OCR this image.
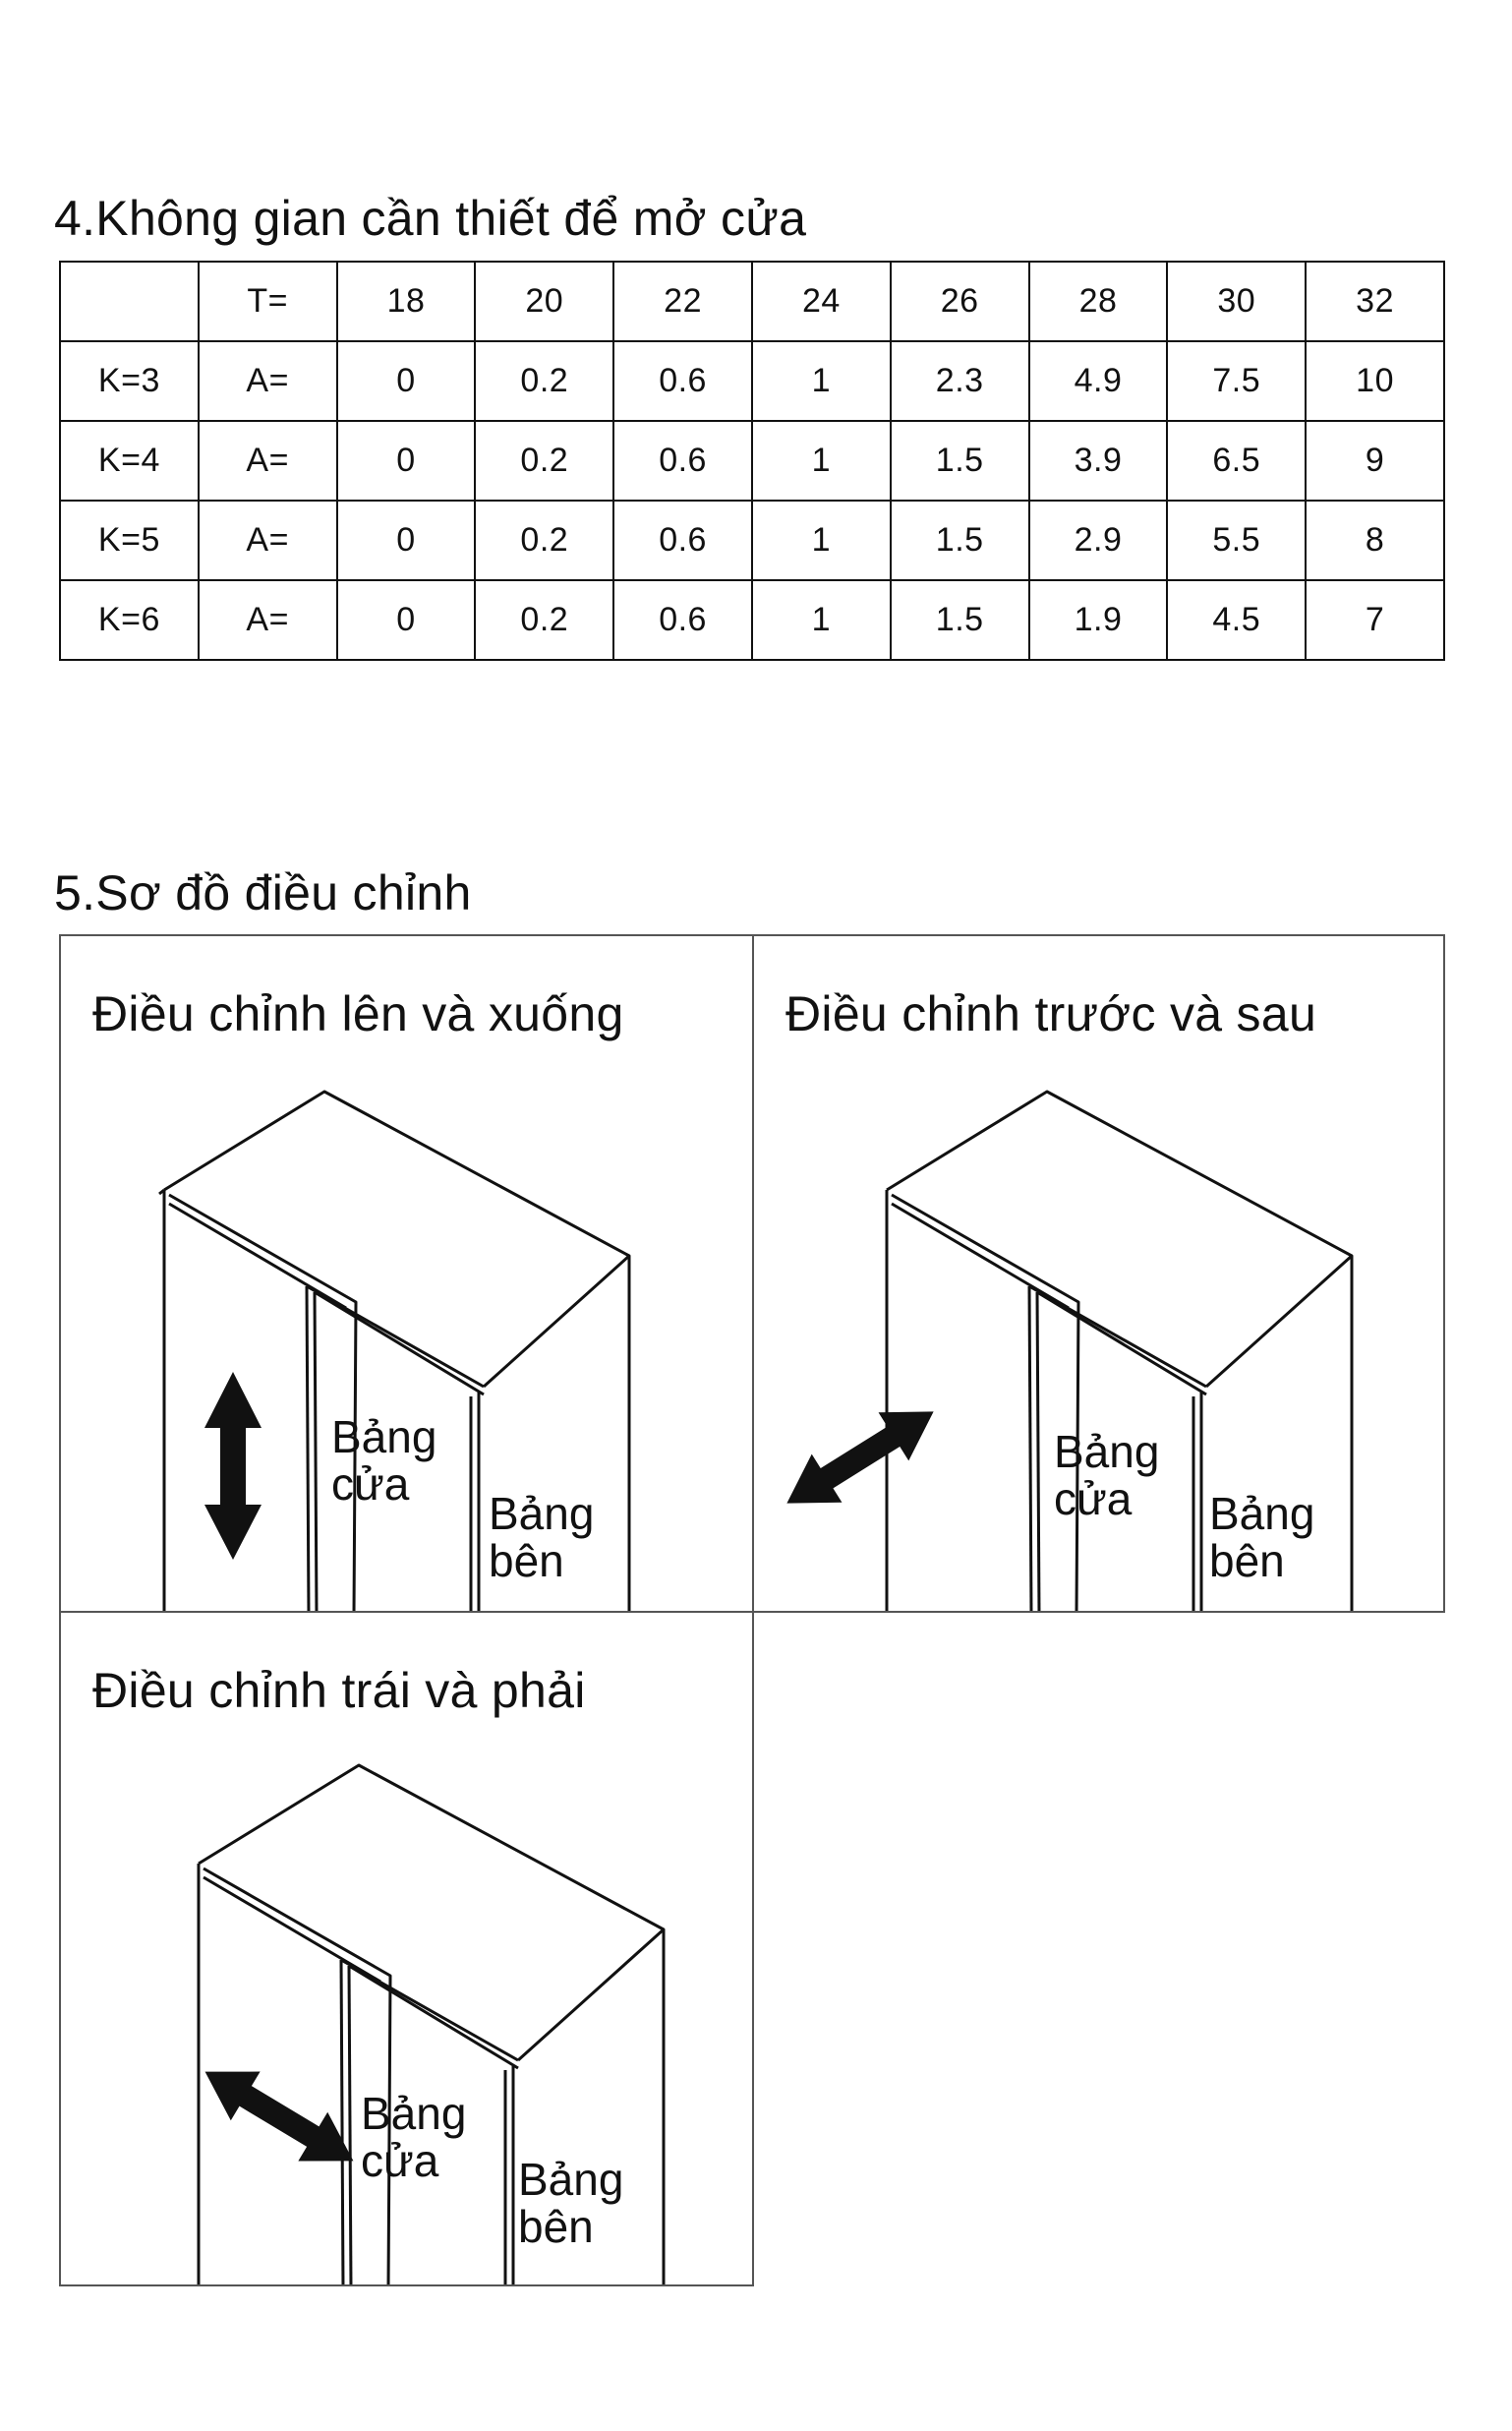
4.Không gian cần thiết để mở cửa
	T=	18	20	22	24	26	28	30	32
K=3	A=	0	0.2	0.6	1	2.3	4.9	7.5	10
K=4	A=	0	0.2	0.6	1	1.5	3.9	6.5	9
K=5	A=	0	0.2	0.6	1	1.5	2.9	5.5	8
K=6	A=	0	0.2	0.6	1	1.5	1.9	4.5	7
5.Sơ đồ điều chỉnh
Điều chỉnh lên và xuống
Bảng cửa
Bảng bên
Điều chỉnh trước và sau
Bảng cửa	Bảng bên
Điều chỉnh trái và phải
Bảng cửa	Bảng bên
